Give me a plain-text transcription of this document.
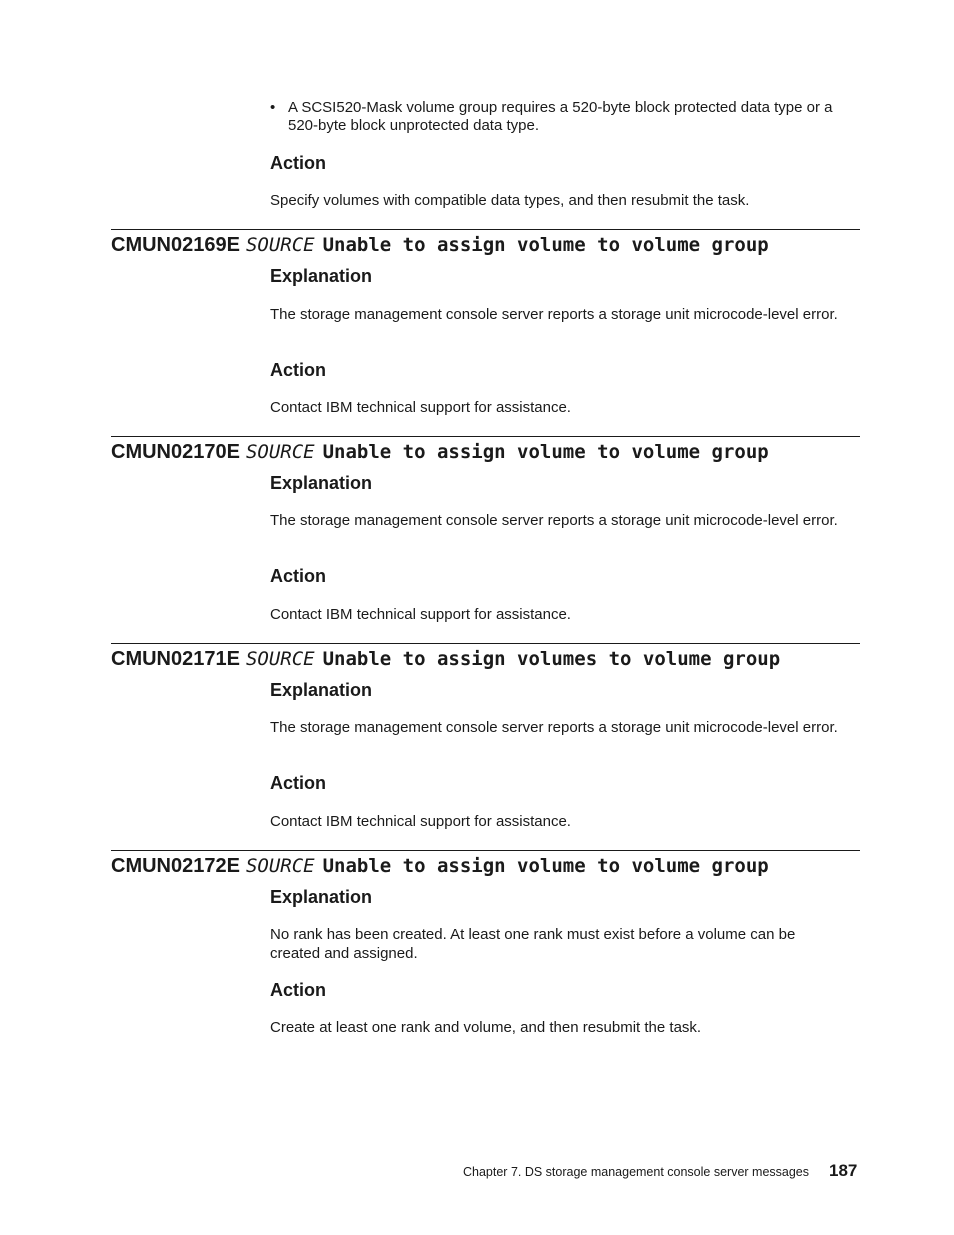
• A SCSI520-Mask volume group requires a 520-byte block protected data type or a 520-byte block unprotected data type.
Action
Specify volumes with compatible data types, and then resubmit the task.
CMUN02169E SOURCE Unable to assign volume to volume group
Explanation
The storage management console server reports a storage unit microcode-level error.
Action
Contact IBM technical support for assistance.
CMUN02170E SOURCE Unable to assign volume to volume group
Explanation
The storage management console server reports a storage unit microcode-level error.
Action
Contact IBM technical support for assistance.
CMUN02171E SOURCE Unable to assign volumes to volume group
Explanation
The storage management console server reports a storage unit microcode-level error.
Action
Contact IBM technical support for assistance.
CMUN02172E SOURCE Unable to assign volume to volume group
Explanation
No rank has been created. At least one rank must exist before a volume can be created and assigned.
Action
Create at least one rank and volume, and then resubmit the task.
Chapter 7. DS storage management console server messages 187
